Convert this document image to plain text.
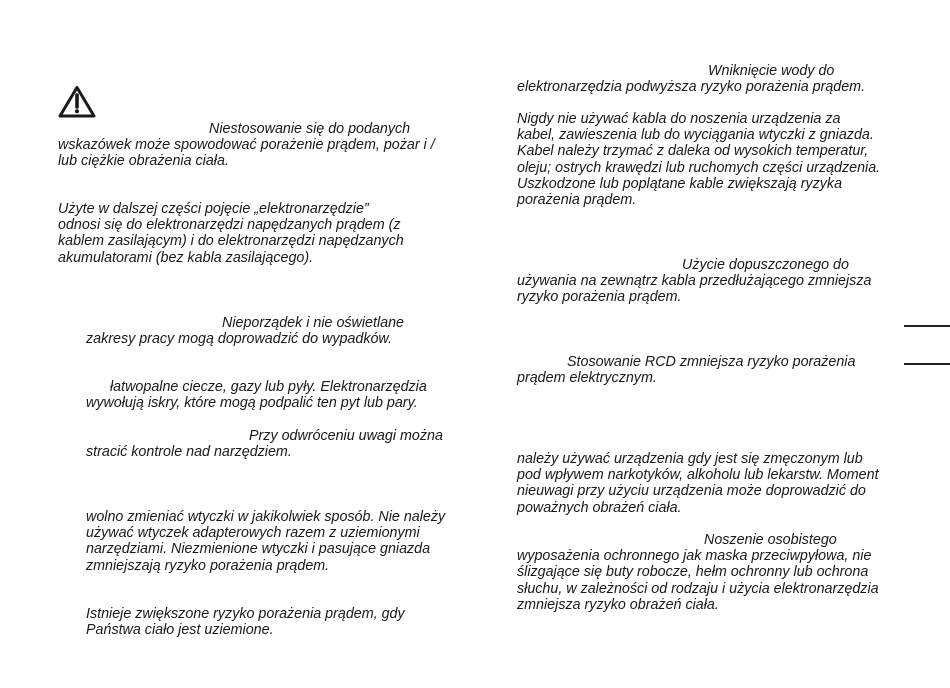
Niestosowanie się do podanych
wskazówek może spowodować porażenie prądem, pożar i /
lub ciężkie obrażenia ciała.

Użyte w dalszej części pojęcie „elektronarzędzie”
odnosi się do elektronarzędzi napędzanych prądem (z
kablem zasilającym) i do elektronarzędzi napędzanych
akumulatorami (bez kabla zasilającego).

Nieporządek i nie oświetlane
zakresy pracy mogą doprowadzić do wypadków.

łatwopalne ciecze, gazy lub pyły. Elektronarzędzia
wywołują iskry, które mogą podpalić ten pyt lub pary.

Przy odwróceniu uwagi można
stracić kontrole nad narzędziem.

wolno zmieniać wtyczki w jakikolwiek sposób. Nie należy
używać wtyczek adapterowych razem z uziemionymi
narzędziami. Niezmienione wtyczki i pasujące gniazda
zmniejszają ryzyko porażenia prądem.

Istnieje zwiększone ryzyko porażenia prądem, gdy
Państwa ciało jest uziemione.

Wniknięcie wody do
elektronarzędzia podwyższa ryzyko porażenia prądem.

Nigdy nie używać kabla do noszenia urządzenia za
kabel, zawieszenia lub do wyciągania wtyczki z gniazda.
Kabel należy trzymać z daleka od wysokich temperatur,
oleju; ostrych krawędzi lub ruchomych części urządzenia.
Uszkodzone lub poplątane kable zwiększają ryzyka
porażenia prądem.

Użycie dopuszczonego do
używania na zewnątrz kabla przedłużającego zmniejsza
ryzyko porażenia prądem.

Stosowanie RCD zmniejsza ryzyko porażenia
prądem elektrycznym.

należy używać urządzenia gdy jest się zmęczonym lub
pod wpływem narkotyków, alkoholu lub lekarstw. Moment
nieuwagi przy użyciu urządzenia może doprowadzić do
poważnych obrażeń ciała.

Noszenie osobistego
wyposażenia ochronnego jak maska przeciwpyłowa, nie
ślizgające się buty robocze, hełm ochronny lub ochrona
słuchu, w zależności od rodzaju i użycia elektronarzędzia
zmniejsza ryzyko obrażeń ciała.
